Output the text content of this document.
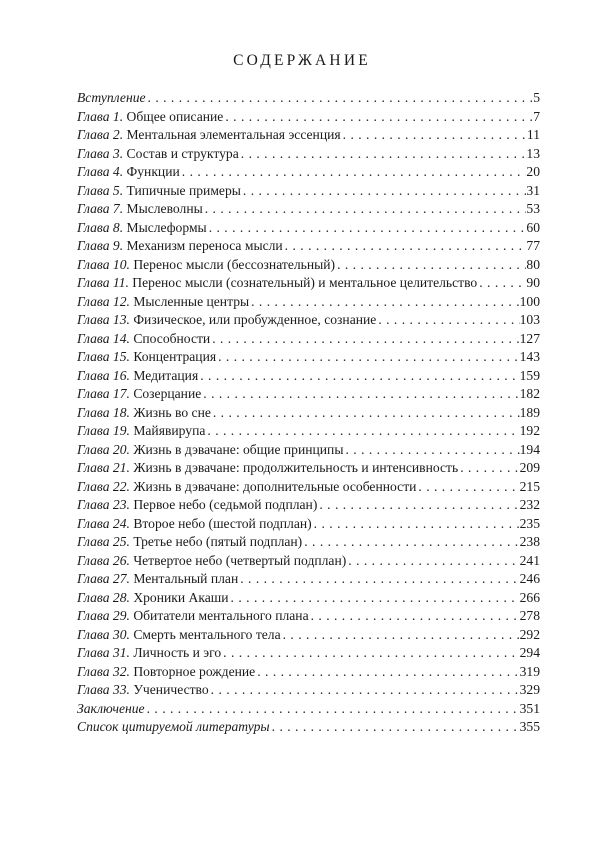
СОДЕРЖАНИЕ
Вступление . . .	5
Глава 1. Общее описание . . .	7
Глава 2. Ментальная элементальная эссенция . . .	11
Глава 3. Состав и структура . . .	13
Глава 4. Функции . . .	20
Глава 5. Типичные примеры . . .	31
Глава 7. Мыслеволны . . .	53
Глава 8. Мыслеформы . . .	60
Глава 9. Механизм переноса мысли . . .	77
Глава 10. Перенос мысли (бессознательный) . . .	80
Глава 11. Перенос мысли (сознательный) и ментальное целительство . . .	90
Глава 12. Мысленные центры . . .	100
Глава 13. Физическое, или пробужденное, сознание . . .	103
Глава 14. Способности . . .	127
Глава 15. Концентрация . . .	143
Глава 16. Медитация . . .	159
Глава 17. Созерцание . . .	182
Глава 18. Жизнь во сне . . .	189
Глава 19. Майявирупа . . .	192
Глава 20. Жизнь в дэвачане: общие принципы . . .	194
Глава 21. Жизнь в дэвачане: продолжительность и интенсивность . . .	209
Глава 22. Жизнь в дэвачане: дополнительные особенности . . .	215
Глава 23. Первое небо (седьмой подплан) . . .	232
Глава 24. Второе небо (шестой подплан) . . .	235
Глава 25. Третье небо (пятый подплан) . . .	238
Глава 26. Четвертое небо (четвертый подплан) . . .	241
Глава 27. Ментальный план . . .	246
Глава 28. Хроники Акаши . . .	266
Глава 29. Обитатели ментального плана . . .	278
Глава 30. Смерть ментального тела . . .	292
Глава 31. Личность и эго . . .	294
Глава 32. Повторное рождение . . .	319
Глава 33. Ученичество . . .	329
Заключение . . .	351
Список цитируемой литературы . . .	355
